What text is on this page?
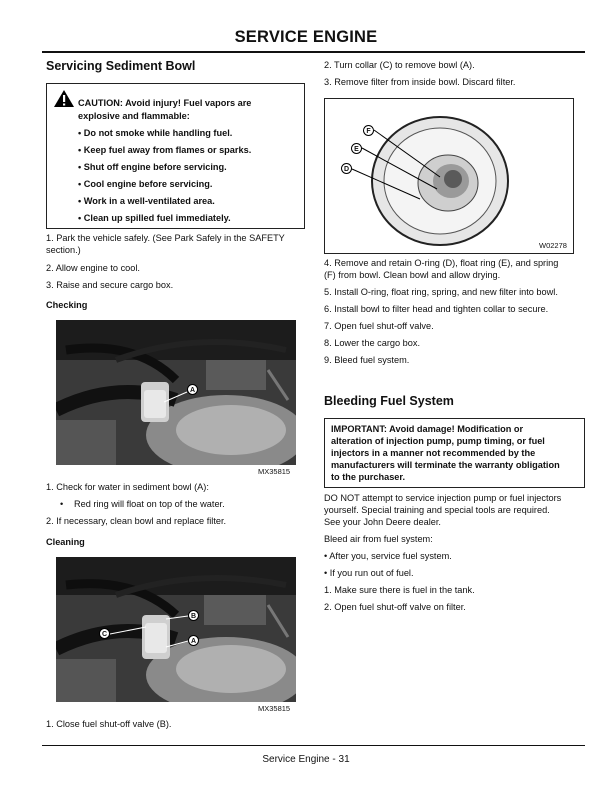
SERVICE ENGINE
Servicing Sediment Bowl
CAUTION: Avoid injury! Fuel vapors are
explosive and flammable:
• Do not smoke while handling fuel.
• Keep fuel away from flames or sparks.
• Shut off engine before servicing.
• Cool engine before servicing.
• Work in a well-ventilated area.
• Clean up spilled fuel immediately.
1. Park the vehicle safely. (See Park Safely in the SAFETY
section.)
2. Allow engine to cool.
3. Raise and secure cargo box.
Checking
A
MX35815
1. Check for water in sediment bowl (A):
• Red ring will float on top of the water.
2. If necessary, clean bowl and replace filter.
Cleaning
B
C
A
MX35815
1. Close fuel shut-off valve (B).
2. Turn collar (C) to remove bowl (A).
3. Remove filter from inside bowl. Discard filter.
F
E
D
W02278
4. Remove and retain O-ring (D), float ring (E), and spring
(F) from bowl. Clean bowl and allow drying.
5. Install O-ring, float ring, spring, and new filter into bowl.
6. Install bowl to filter head and tighten collar to secure.
7. Open fuel shut-off valve.
8. Lower the cargo box.
9. Bleed fuel system.
Bleeding Fuel System
IMPORTANT: Avoid damage! Modification or
alteration of injection pump, pump timing, or fuel
injectors in a manner not recommended by the
manufacturers will terminate the warranty obligation
to the purchaser.
DO NOT attempt to service injection pump or fuel injectors
yourself. Special training and special tools are required.
See your John Deere dealer.
Bleed air from fuel system:
• After you, service fuel system.
• If you run out of fuel.
1. Make sure there is fuel in the tank.
2. Open fuel shut-off valve on filter.
Service Engine - 31
